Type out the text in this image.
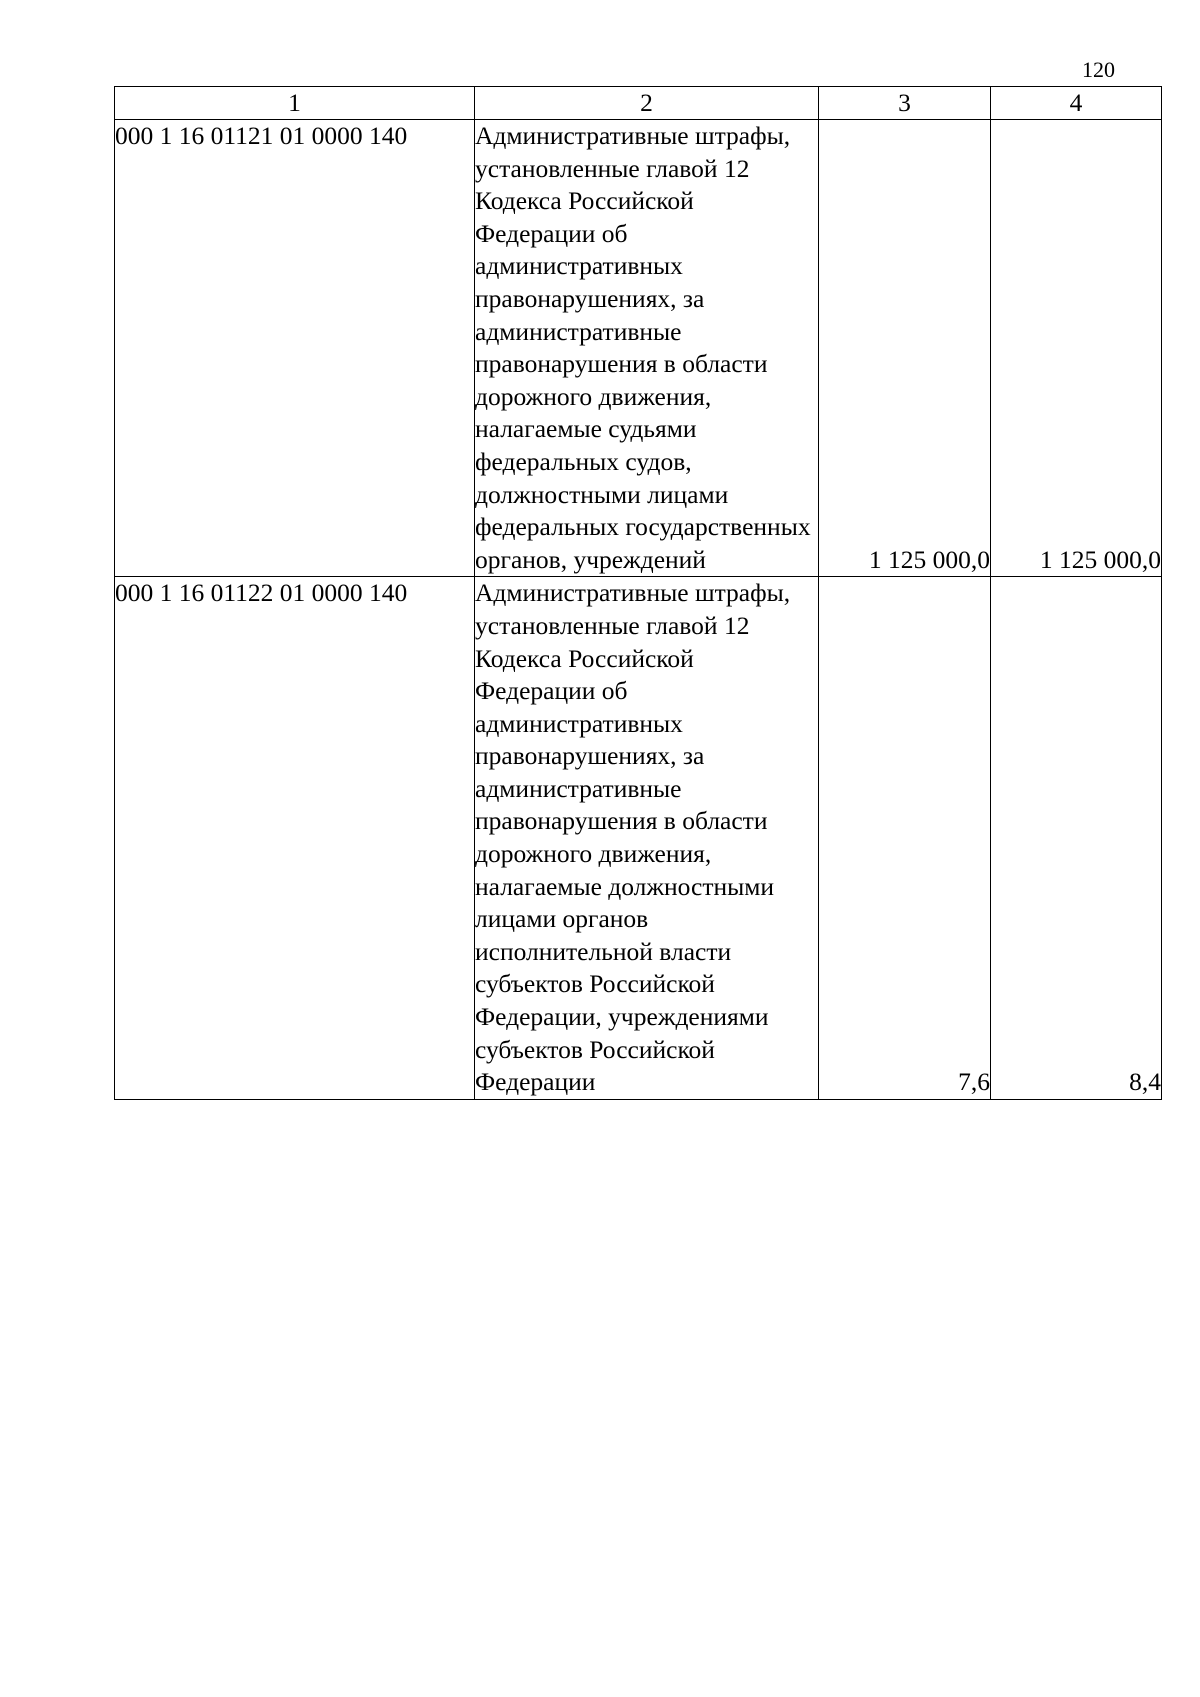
120
1	2	3	4
000 1 16 01121 01 0000 140	Административные штрафы, установленные главой 12 Кодекса Российской Федерации об административных правонарушениях, за административные правонарушения в области дорожного движения, налагаемые судьями федеральных судов, должностными лицами федеральных государственных органов, учреждений	1 125 000,0	1 125 000,0
000 1 16 01122 01 0000 140	Административные штрафы, установленные главой 12 Кодекса Российской Федерации об административных правонарушениях, за административные правонарушения в области дорожного движения, налагаемые должностными лицами органов исполнительной власти субъектов Российской Федерации, учреждениями субъектов Российской Федерации	7,6	8,4
